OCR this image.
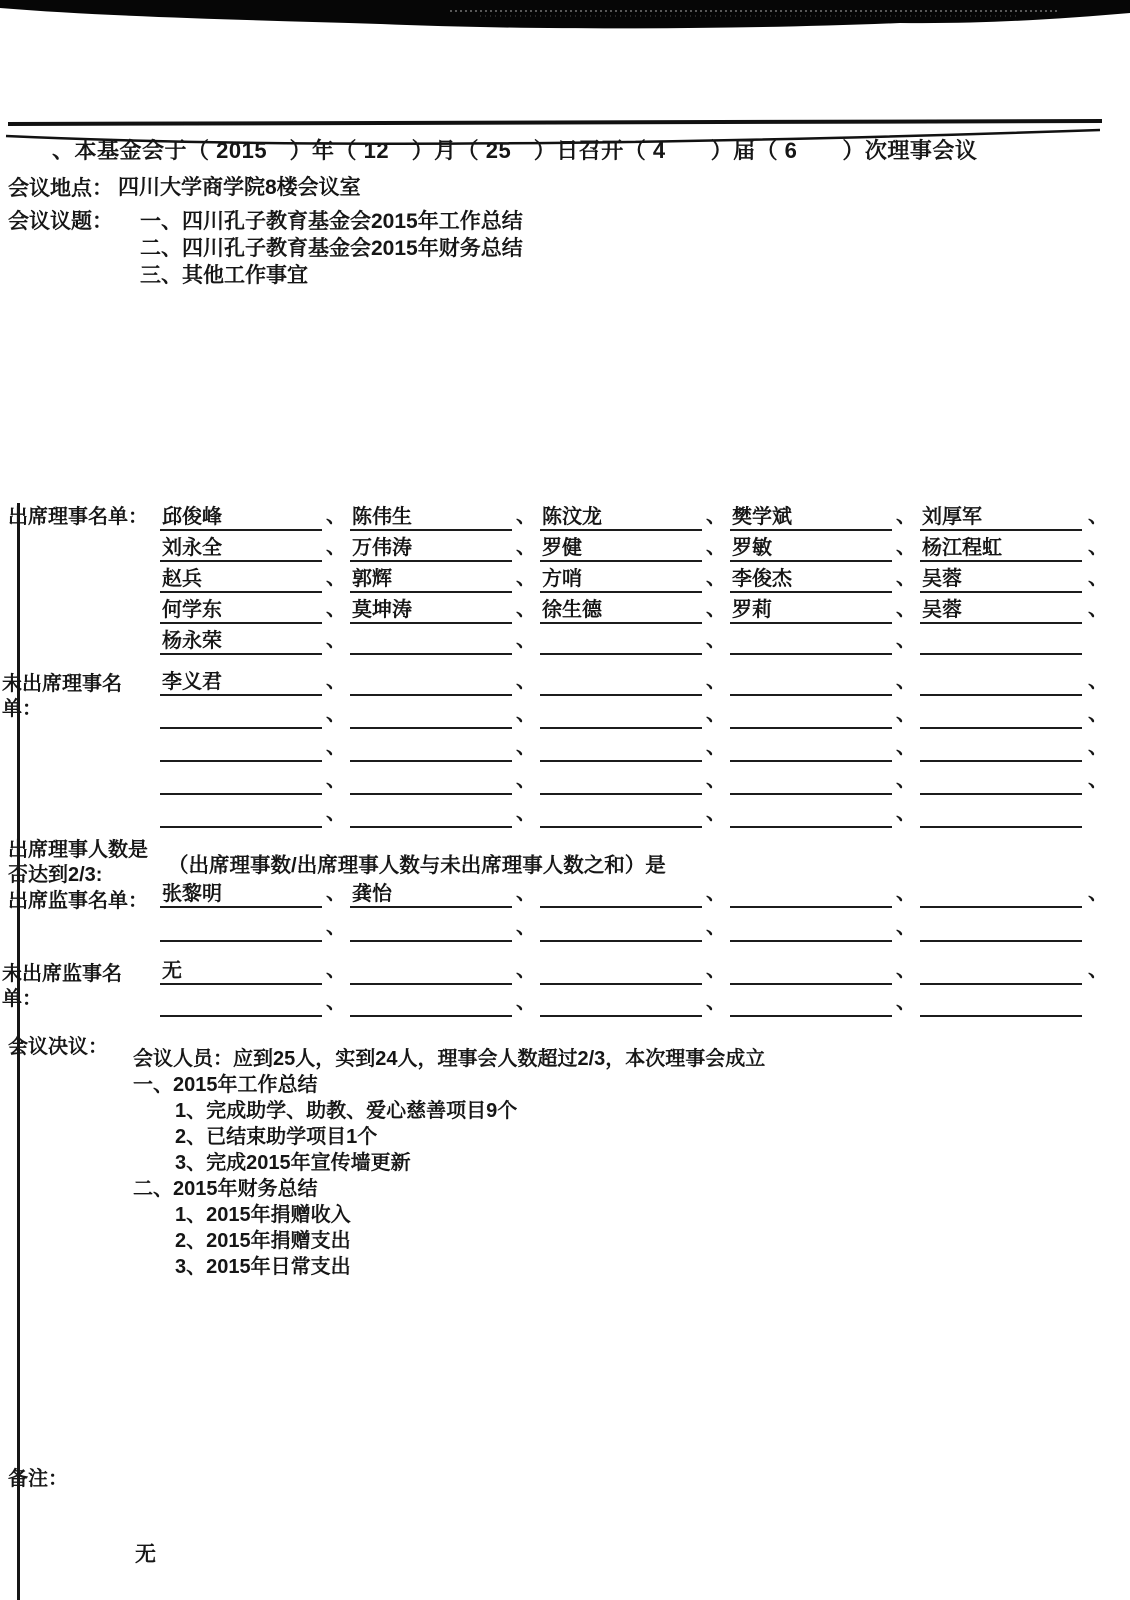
、本基金会于（ 2015　）年（ 12　）月（ 25　）日召开（ 4　　）届（ 6　　）次理事会议
会议地点： 四川大学商学院8楼会议室
会议议题： 一、四川孔子教育基金会2015年工作总结
二、四川孔子教育基金会2015年财务总结
三、其他工作事宜
出席理事名单： 邱俊峰	、 陈伟生	、 陈汶龙	、 樊学斌	、 刘厚军	、
刘永全	、 万伟涛	、 罗健	、 罗敏	、 杨江程虹	、
赵兵	、 郭辉	、 方哨	、 李俊杰	、 吴蓉	、
何学东	、 莫坤涛	、 徐生德	、 罗莉	、 吴蓉	、
杨永荣	、	、	、	、
未出席理事名单：
李义君	、	、	、	、	、
、	、	、	、	、
、	、	、	、	、
、	、	、	、	、
、	、	、	、
出席理事人数是否达到2/3:	（出席理事数/出席理事人数与未出席理事人数之和）是
出席监事名单： 张黎明	、 龚怡	、	、	、	、
、	、	、	、
未出席监事名单：
无	、	、	、	、	、
、	、	、	、
会议决议：
会议人员：应到25人，实到24人，理事会人数超过2/3，本次理事会成立
一、2015年工作总结
1、完成助学、助教、爱心慈善项目9个
2、已结束助学项目1个
3、完成2015年宣传墙更新
二、2015年财务总结
1、2015年捐赠收入
2、2015年捐赠支出
3、2015年日常支出
备注：
无
